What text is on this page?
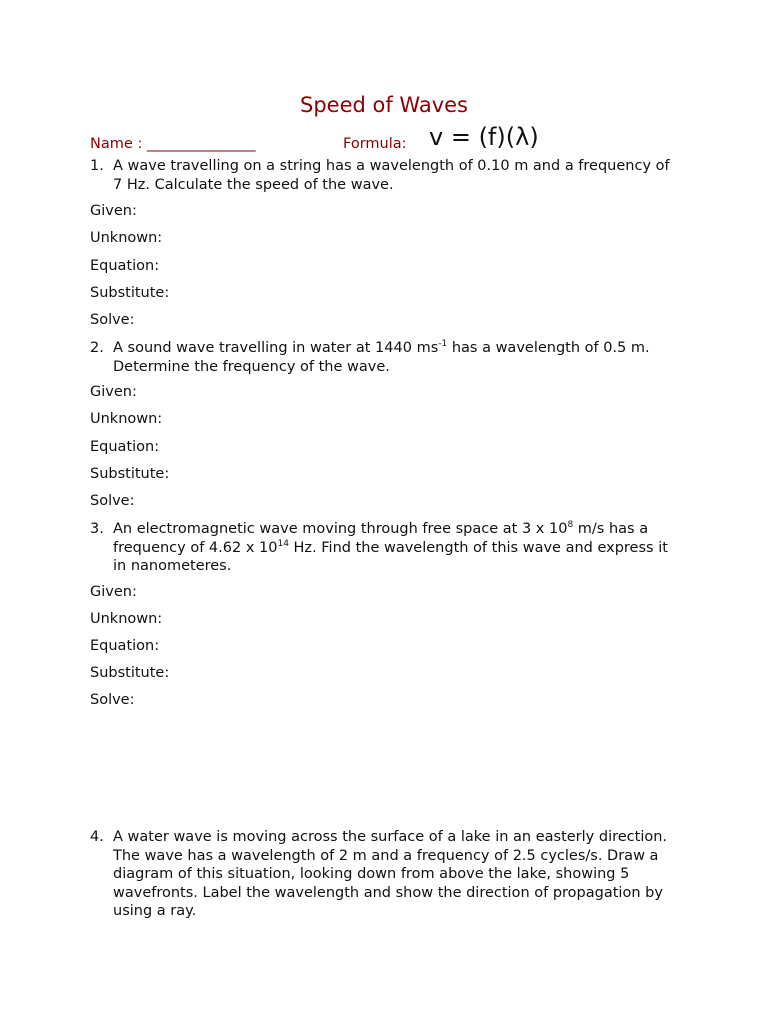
Speed of Waves
Name : _______________	Formula: v = (f)(λ)
1. A wave travelling on a string has a wavelength of 0.10 m and a frequency of 7 Hz. Calculate the speed of the wave.
Given:
Unknown:
Equation:
Substitute:
Solve:
2. A sound wave travelling in water at 1440 $ms^{-1}$ has a wavelength of 0.5 m. Determine the frequency of the wave.
Given:
Unknown:
Equation:
Substitute:
Solve:
3. An electromagnetic wave moving through free space at 3 x $10^8$ m/s has a frequency of 4.62 x $10^{14}$ Hz. Find the wavelength of this wave and express it in nanometeres.
Given:
Unknown:
Equation:
Substitute:
Solve:
4. A water wave is moving across the surface of a lake in an easterly direction. The wave has a wavelength of 2 m and a frequency of 2.5 cycles/s. Draw a diagram of this situation, looking down from above the lake, showing 5 wavefronts. Label the wavelength and show the direction of propagation by using a ray.
